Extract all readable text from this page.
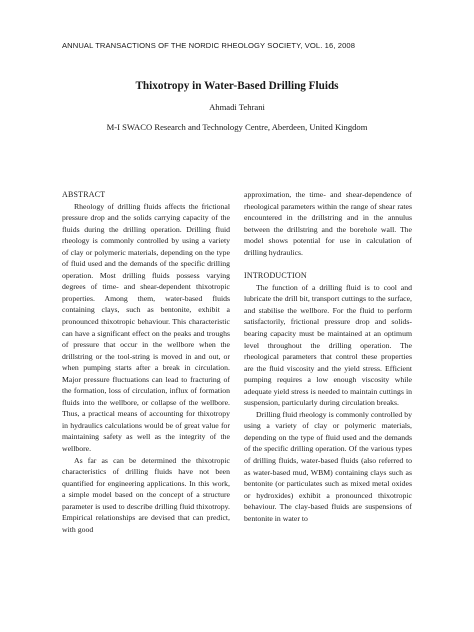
ANNUAL TRANSACTIONS OF THE NORDIC RHEOLOGY SOCIETY, VOL. 16, 2008
Thixotropy in Water-Based Drilling Fluids
Ahmadi Tehrani
M-I SWACO Research and Technology Centre, Aberdeen, United Kingdom
ABSTRACT

Rheology of drilling fluids affects the frictional pressure drop and the solids carrying capacity of the fluids during the drilling operation. Drilling fluid rheology is commonly controlled by using a variety of clay or polymeric materials, depending on the type of fluid used and the demands of the specific drilling operation. Most drilling fluids possess varying degrees of time- and shear-dependent thixotropic properties. Among them, water-based fluids containing clays, such as bentonite, exhibit a pronounced thixotropic behaviour. This characteristic can have a significant effect on the peaks and troughs of pressure that occur in the wellbore when the drillstring or the tool-string is moved in and out, or when pumping starts after a break in circulation. Major pressure fluctuations can lead to fracturing of the formation, loss of circulation, influx of formation fluids into the wellbore, or collapse of the wellbore. Thus, a practical means of accounting for thixotropy in hydraulics calculations would be of great value for maintaining safety as well as the integrity of the wellbore.

As far as can be determined the thixotropic characteristics of drilling fluids have not been quantified for engineering applications. In this work, a simple model based on the concept of a structure parameter is used to describe drilling fluid thixotropy. Empirical relationships are devised that can predict, with good

approximation, the time- and shear-dependence of rheological parameters within the range of shear rates encountered in the drillstring and in the annulus between the drillstring and the borehole wall. The model shows potential for use in calculation of drilling hydraulics.

INTRODUCTION

The function of a drilling fluid is to cool and lubricate the drill bit, transport cuttings to the surface, and stabilise the wellbore. For the fluid to perform satisfactorily, frictional pressure drop and solids-bearing capacity must be maintained at an optimum level throughout the drilling operation. The rheological parameters that control these properties are the fluid viscosity and the yield stress. Efficient pumping requires a low enough viscosity while adequate yield stress is needed to maintain cuttings in suspension, particularly during circulation breaks.

Drilling fluid rheology is commonly controlled by using a variety of clay or polymeric materials, depending on the type of fluid used and the demands of the specific drilling operation. Of the various types of drilling fluids, water-based fluids (also referred to as water-based mud, WBM) containing clays such as bentonite (or particulates such as mixed metal oxides or hydroxides) exhibit a pronounced thixotropic behaviour. The clay-based fluids are suspensions of bentonite in water to
